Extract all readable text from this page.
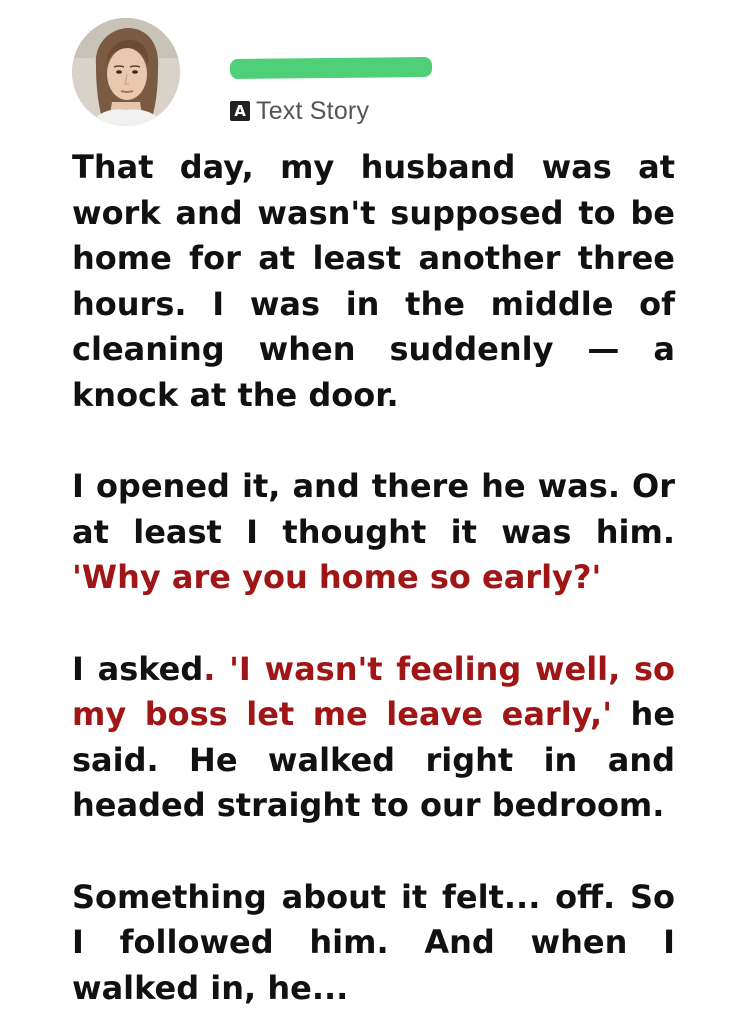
A Text Story

That day, my husband was at work and wasn't supposed to be home for at least another three hours. I was in the middle of cleaning when suddenly — a knock at the door.

I opened it, and there he was. Or at least I thought it was him. 'Why are you home so early?'

I asked. 'I wasn't feeling well, so my boss let me leave early,' he said. He walked right in and headed straight to our bedroom.

Something about it felt... off. So I followed him. And when I walked in, he...
